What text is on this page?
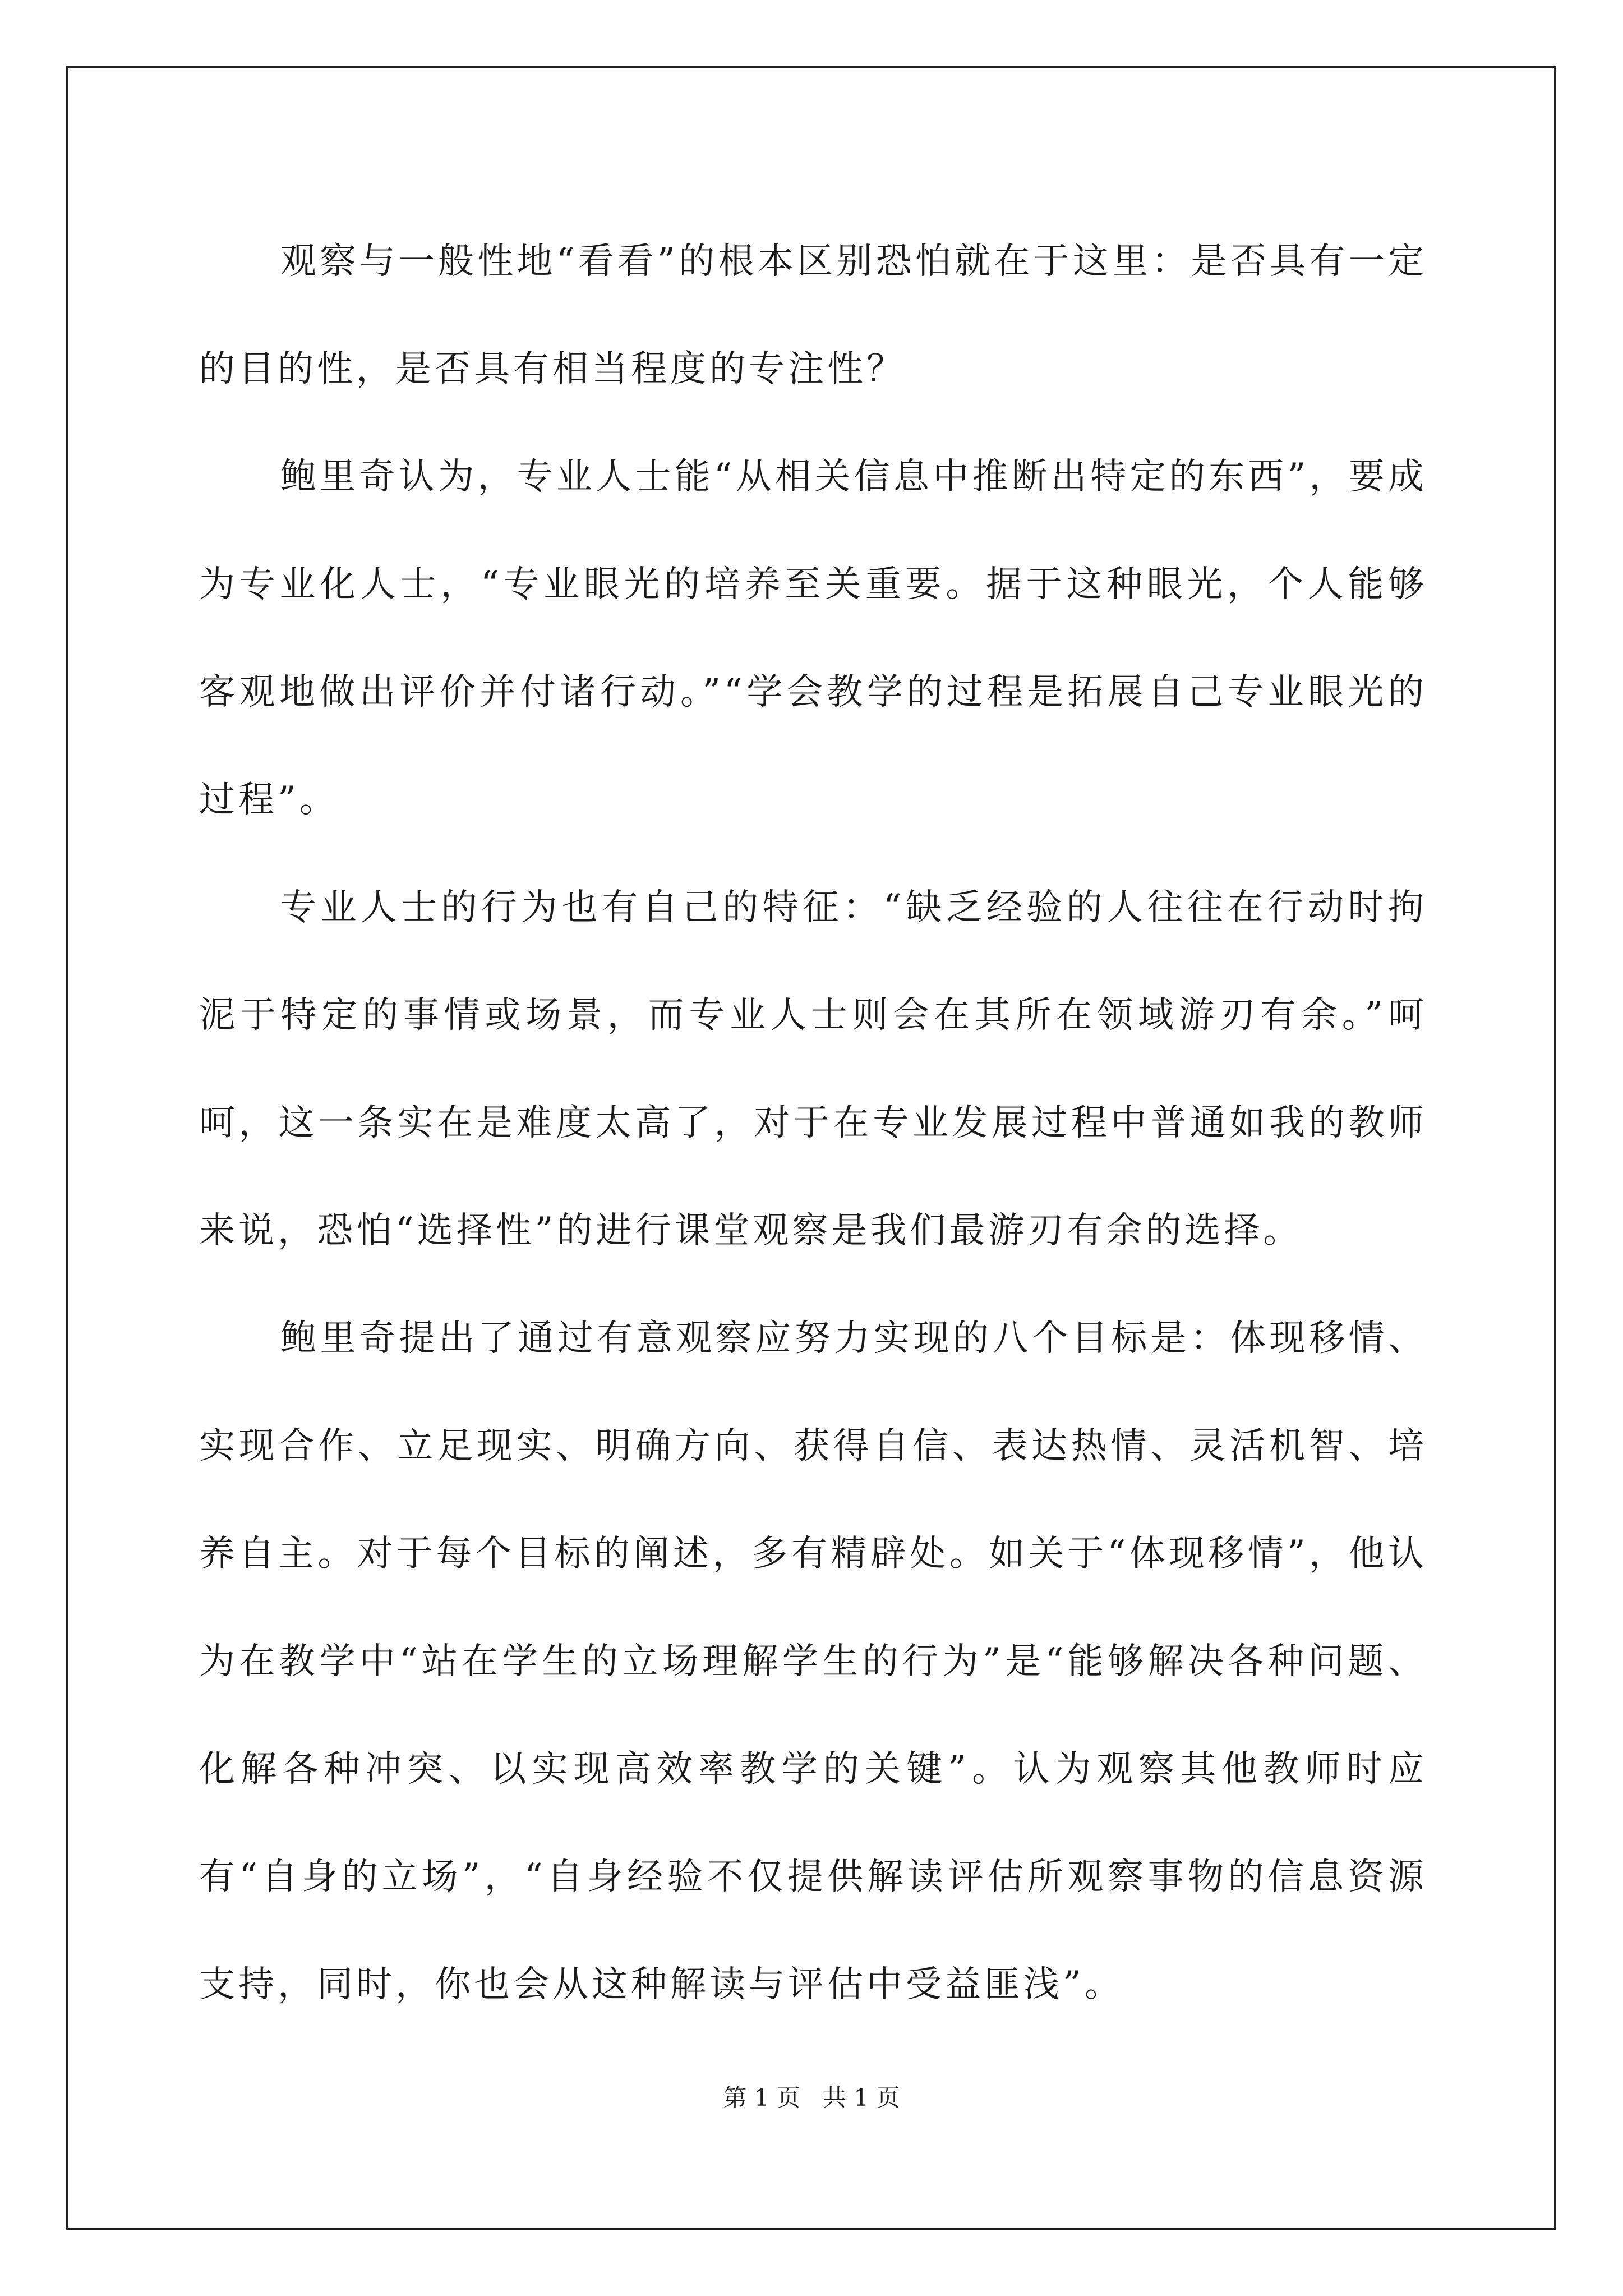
观察与一般性地“看看”的根本区别恐怕就在于这里：是否具有一定的目的性，是否具有相当程度的专注性？

鲍里奇认为，专业人士能“从相关信息中推断出特定的东西”，要成为专业化人士，“专业眼光的培养至关重要。据于这种眼光，个人能够客观地做出评价并付诸行动。”“学会教学的过程是拓展自己专业眼光的过程”。

专业人士的行为也有自己的特征：“缺乏经验的人往往在行动时拘泥于特定的事情或场景，而专业人士则会在其所在领域游刃有余。”呵呵，这一条实在是难度太高了，对于在专业发展过程中普通如我的教师来说，恐怕“选择性”的进行课堂观察是我们最游刃有余的选择。

鲍里奇提出了通过有意观察应努力实现的八个目标是：体现移情、实现合作、立足现实、明确方向、获得自信、表达热情、灵活机智、培养自主。对于每个目标的阐述，多有精辟处。如关于“体现移情”，他认为在教学中“站在学生的立场理解学生的行为”是“能够解决各种问题、化解各种冲突、以实现高效率教学的关键”。认为观察其他教师时应有“自身的立场”，“自身经验不仅提供解读评估所观察事物的信息资源支持，同时，你也会从这种解读与评估中受益匪浅”。

第 1 页   共 1 页
